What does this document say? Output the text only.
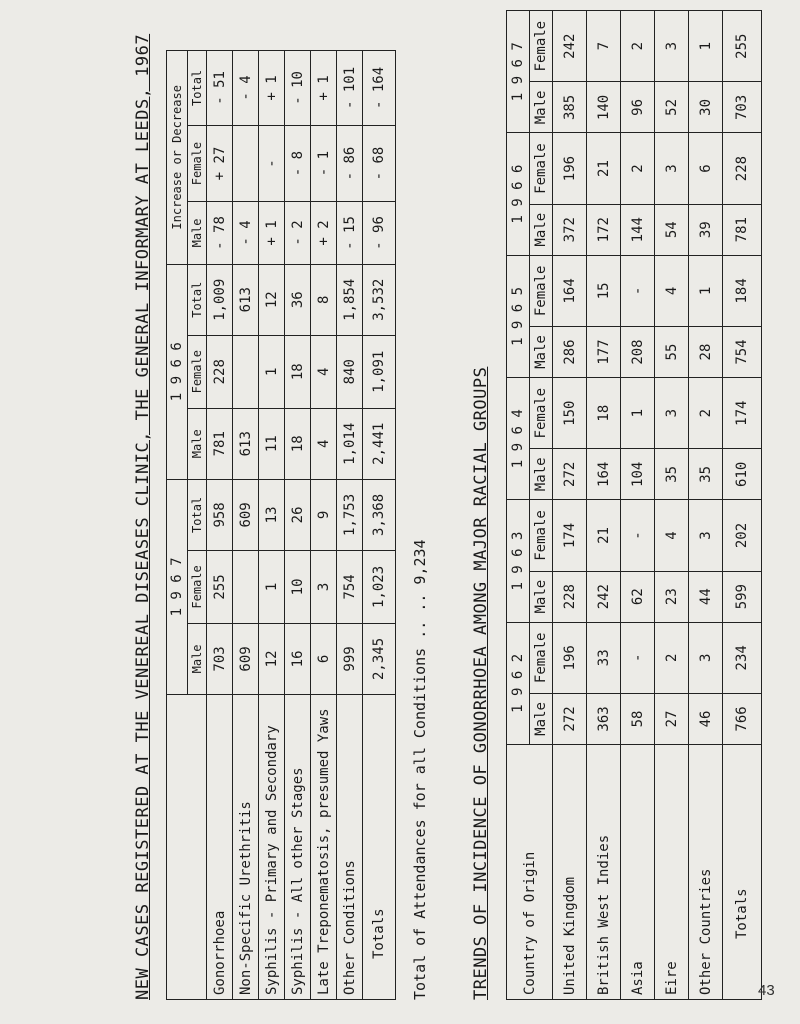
NEW CASES REGISTERED AT THE VENEREAL DISEASES CLINIC, THE GENERAL INFORMARY AT LEEDS, 1967
		1 9 6 7			1 9 6 6			Increase or Decrease		
	Male	Female	Total	Male	Female	Total	Male	Female	Total
Gonorrhoea	703	255	958	781	228	1,009	- 78	+ 27	- 51
Non-Specific Urethritis	609		609	613		613	- 4		- 4
Syphilis - Primary and Secondary	12	1	13	11	1	12	+ 1	-	+ 1
Syphilis - All other Stages	16	10	26	18	18	36	- 2	- 8	- 10
Late Treponematosis, presumed Yaws	6	3	9	4	4	8	+ 2	- 1	+ 1
Other Conditions	999	754	1,753	1,014	840	1,854	- 15	- 86	- 101
Totals	2,345	1,023	3,368	2,441	1,091	3,532	- 96	- 68	- 164
Total of Attendances for all Conditions .. .. 9,234 TRENDS OF INCIDENCE OF GONORRHOEA AMONG MAJOR RACIAL GROUPS	Country of Origin	1 9 6 2		1 9 6 3		1 9 6 4		1 9 6 5		1 9 6 6		1 9 6 7	
	Male	Female	Male	Female	Male	Female	Male	Female	Male	Female	Male	Female
United Kingdom	272	196	228	174	272	150	286	164	372	196	385	242
British West Indies	363	33	242	21	164	18	177	15	172	21	140	7
Asia	58	-	62	-	104	1	208	-	144	2	96	2
Eire	27	2	23	4	35	3	55	4	54	3	52	3
Other Countries	46	3	44	3	35	2	28	1	39	6	30	1
Totals	766	234	599	202	610	174	754	184	781	228	703	255
43
